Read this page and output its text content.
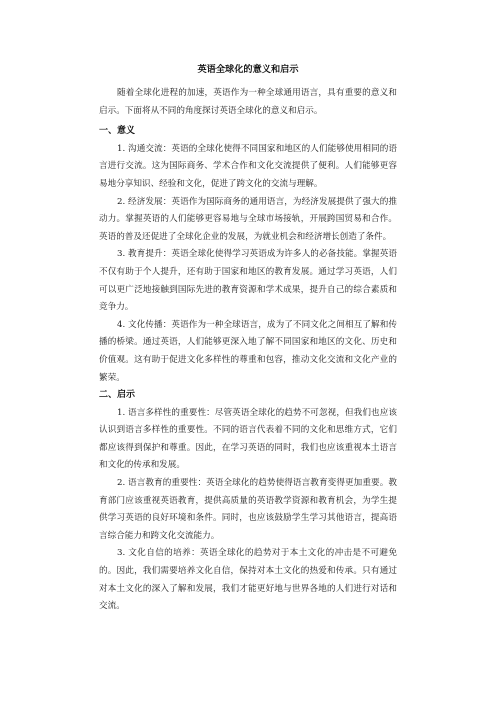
英语全球化的意义和启示

随着全球化进程的加速，英语作为一种全球通用语言，具有重要的意义和启示。下面将从不同的角度探讨英语全球化的意义和启示。

一、意义

1. 沟通交流：英语的全球化使得不同国家和地区的人们能够使用相同的语言进行交流。这为国际商务、学术合作和文化交流提供了便利。人们能够更容易地分享知识、经验和文化，促进了跨文化的交流与理解。

2. 经济发展：英语作为国际商务的通用语言，为经济发展提供了强大的推动力。掌握英语的人们能够更容易地与全球市场接轨，开展跨国贸易和合作。英语的普及还促进了全球化企业的发展，为就业机会和经济增长创造了条件。

3. 教育提升：英语全球化使得学习英语成为许多人的必备技能。掌握英语不仅有助于个人提升，还有助于国家和地区的教育发展。通过学习英语，人们可以更广泛地接触到国际先进的教育资源和学术成果，提升自己的综合素质和竞争力。

4. 文化传播：英语作为一种全球语言，成为了不同文化之间相互了解和传播的桥梁。通过英语，人们能够更深入地了解不同国家和地区的文化、历史和价值观。这有助于促进文化多样性的尊重和包容，推动文化交流和文化产业的繁荣。

二、启示

1. 语言多样性的重要性：尽管英语全球化的趋势不可忽视，但我们也应该认识到语言多样性的重要性。不同的语言代表着不同的文化和思维方式，它们都应该得到保护和尊重。因此，在学习英语的同时，我们也应该重视本土语言和文化的传承和发展。

2. 语言教育的重要性：英语全球化的趋势使得语言教育变得更加重要。教育部门应该重视英语教育，提供高质量的英语教学资源和教育机会，为学生提供学习英语的良好环境和条件。同时，也应该鼓励学生学习其他语言，提高语言综合能力和跨文化交流能力。

3. 文化自信的培养：英语全球化的趋势对于本土文化的冲击是不可避免的。因此，我们需要培养文化自信，保持对本土文化的热爱和传承。只有通过对本土文化的深入了解和发展，我们才能更好地与世界各地的人们进行对话和交流。
